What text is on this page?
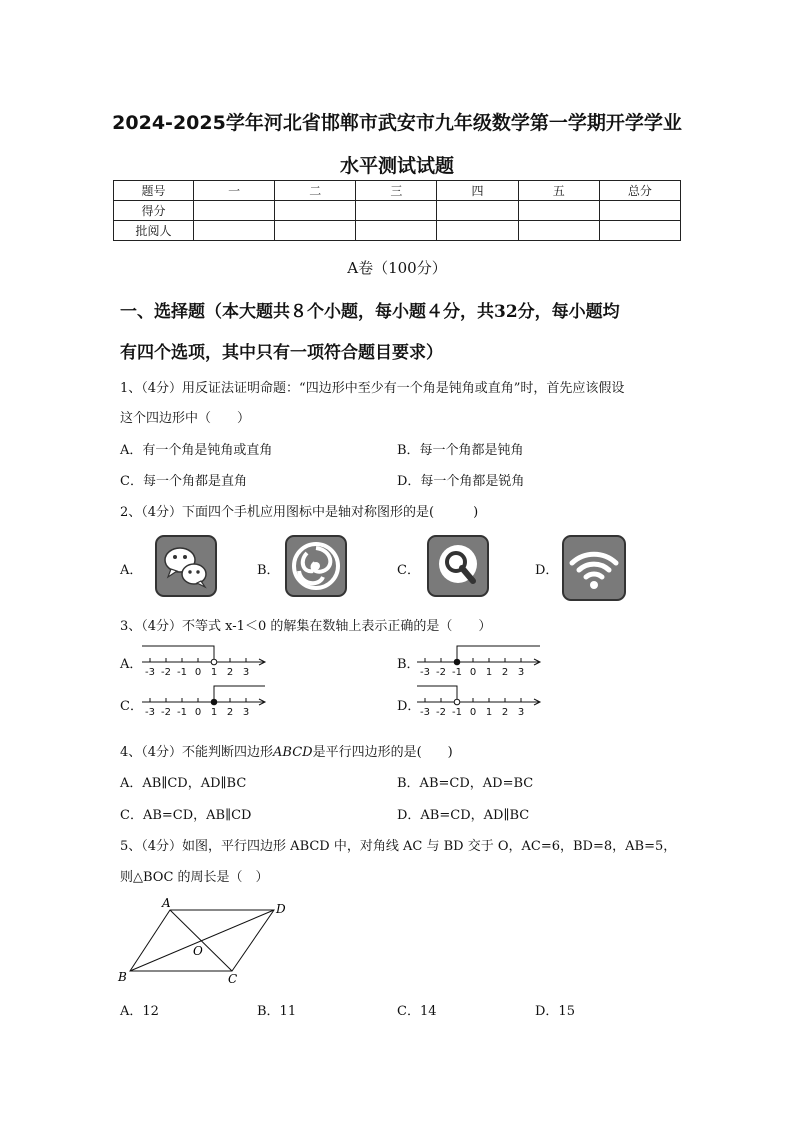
2024-2025学年河北省邯郸市武安市九年级数学第一学期开学学业
水平测试试题
题号	一	二	三	四	五	总分
得分						
批阅人						
A卷（100分）
一、选择题（本大题共８个小题，每小题４分，共32分，每小题均
有四个选项，其中只有一项符合题目要求）
1、（4分）用反证法证明命题：“四边形中至少有一个角是钝角或直角”时，首先应该假设
这个四边形中（　　）
A．有一个角是钝角或直角	B．每一个角都是钝角
C．每一个角都是直角	D．每一个角都是锐角
2、（4分）下面四个手机应用图标中是轴对称图形的是(　　　)
A．	B．	C．	D．
3、（4分）不等式 x-1＜0 的解集在数轴上表示正确的是（　　）
A．
-3 -2 -1 0 1 2 3
B．
-3 -2 -1 0 1 2 3
C． -3 -2 -1 0 1 2 3	D． -3 -2 -1 0 1 2 3
4、（4分）不能判断四边形ABCD是平行四边形的是(　　)
A．AB∥CD，AD∥BC	B．AB=CD，AD=BC
C．AB=CD，AB∥CD	D．AB=CD，AD∥BC
5、（4分）如图，平行四边形 ABCD 中，对角线 AC 与 BD 交于 O，AC=6，BD=8，AB=5，
则△BOC 的周长是（　）
A	D
B	C
O
A．12	B．11	C．14	D．15
